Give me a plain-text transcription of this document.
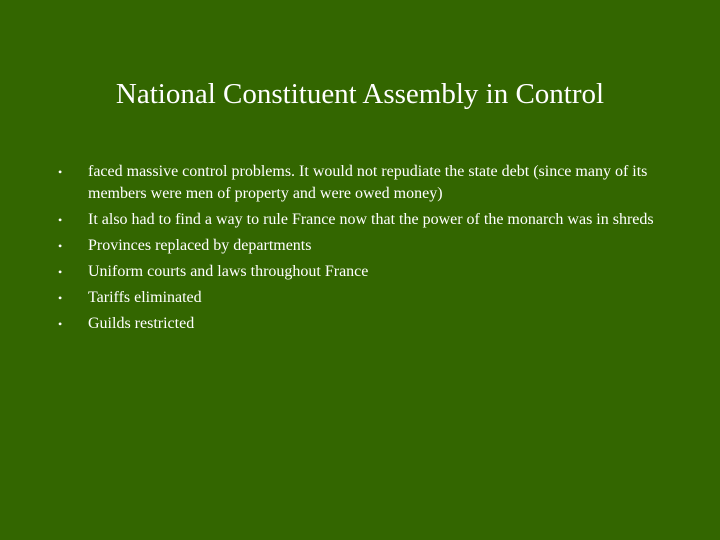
National Constituent Assembly in Control
• faced massive control problems. It would not repudiate the state debt (since many of its members were men of property and were owed money)
• It also had to find a way to rule France now that the power of the monarch was in shreds
• Provinces replaced by departments
• Uniform courts and laws throughout France
• Tariffs eliminated
• Guilds restricted
